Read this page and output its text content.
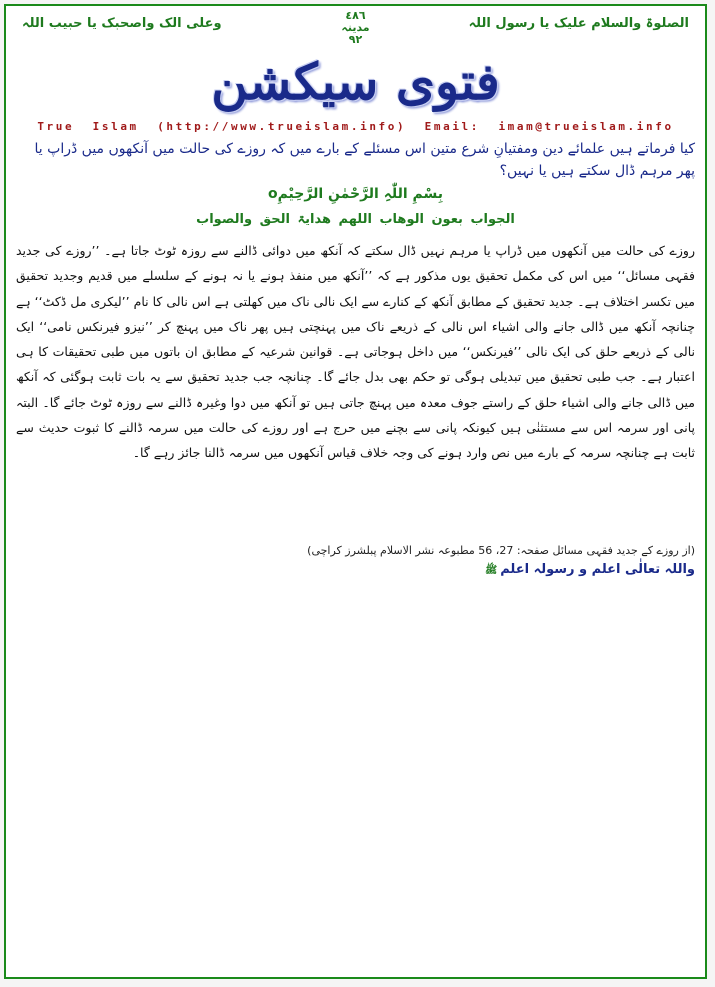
الصلوۃ والسلام علیک یا رسول اللہ
٤٨٦
مدینہ
٩٢
وعلی الک واصحبک یا حبیب اللہ
فتوی سیکشن
True  Islam  (http://www.trueislam.info)  Email:  imam@trueislam.info
کیا فرماتے ہیں علمائے دین ومفتیانِ شرع متین اس مسئلے کے بارے میں کہ روزے کی حالت میں آنکھوں میں ڈراپ یا پھر مرہم ڈال سکتے ہیں یا نہیں؟
بِسْمِ اللّٰہِ الرَّحْمٰنِ الرَّحِیْمِo
الجواب بعون الوھاب اللھم ھدایۃ الحق والصواب
روزے کی حالت میں آنکھوں میں ڈراپ یا مرہم نہیں ڈال سکتے کہ آنکھ میں دوائی ڈالنے سے روزہ ٹوٹ جاتا ہے۔ ’’روزے کی جدید فقہی مسائل‘‘ میں اس کی مکمل تحقیق یوں مذکور ہے کہ ’’آنکھ میں منفذ ہونے یا نہ ہونے کے سلسلے میں قدیم وجدید تحقیق میں تکسر اختلاف ہے۔ جدید تحقیق کے مطابق آنکھ کے کنارے سے ایک نالی ناک میں کھلتی ہے اس نالی کا نام ’’لیکری مل ڈکٹ‘‘ ہے چنانچہ آنکھ میں ڈالی جانے والی اشیاء اس نالی کے ذریعے ناک میں پہنچتی ہیں پھر ناک میں پہنچ کر ’’نیزو فیرنکس نامی‘‘ ایک نالی کے ذریعے حلق کی ایک نالی ’’فیرنکس‘‘ میں داخل ہوجاتی ہے۔ قوانین شرعیہ کے مطابق ان باتوں میں طبی تحقیقات کا ہی اعتبار ہے۔ جب طبی تحقیق میں تبدیلی ہوگی تو حکم بھی بدل جائے گا۔ چنانچہ جب جدید تحقیق سے یہ بات ثابت ہوگئی کہ آنکھ میں ڈالی جانے والی اشیاء حلق کے راستے جوف معدہ میں پہنچ جاتی ہیں تو آنکھ میں دوا وغیرہ ڈالنے سے روزہ ٹوٹ جائے گا۔ البتہ پانی اور سرمہ اس سے مستثنٰی ہیں کیونکہ پانی سے بچنے میں حرج ہے اور روزے کی حالت میں سرمہ ڈالنے کا ثبوت حدیث سے ثابت ہے چنانچہ سرمہ کے بارے میں نص وارد ہونے کی وجہ خلاف قیاس آنکھوں میں سرمہ ڈالنا جائز رہے گا۔
(از روزے کے جدید فقہی مسائل صفحہ: 27، 56 مطبوعہ نشر الاسلام پبلشرز کراچی)
واللہ تعالٰی اعلم و رسولہ اعلمﷺ
